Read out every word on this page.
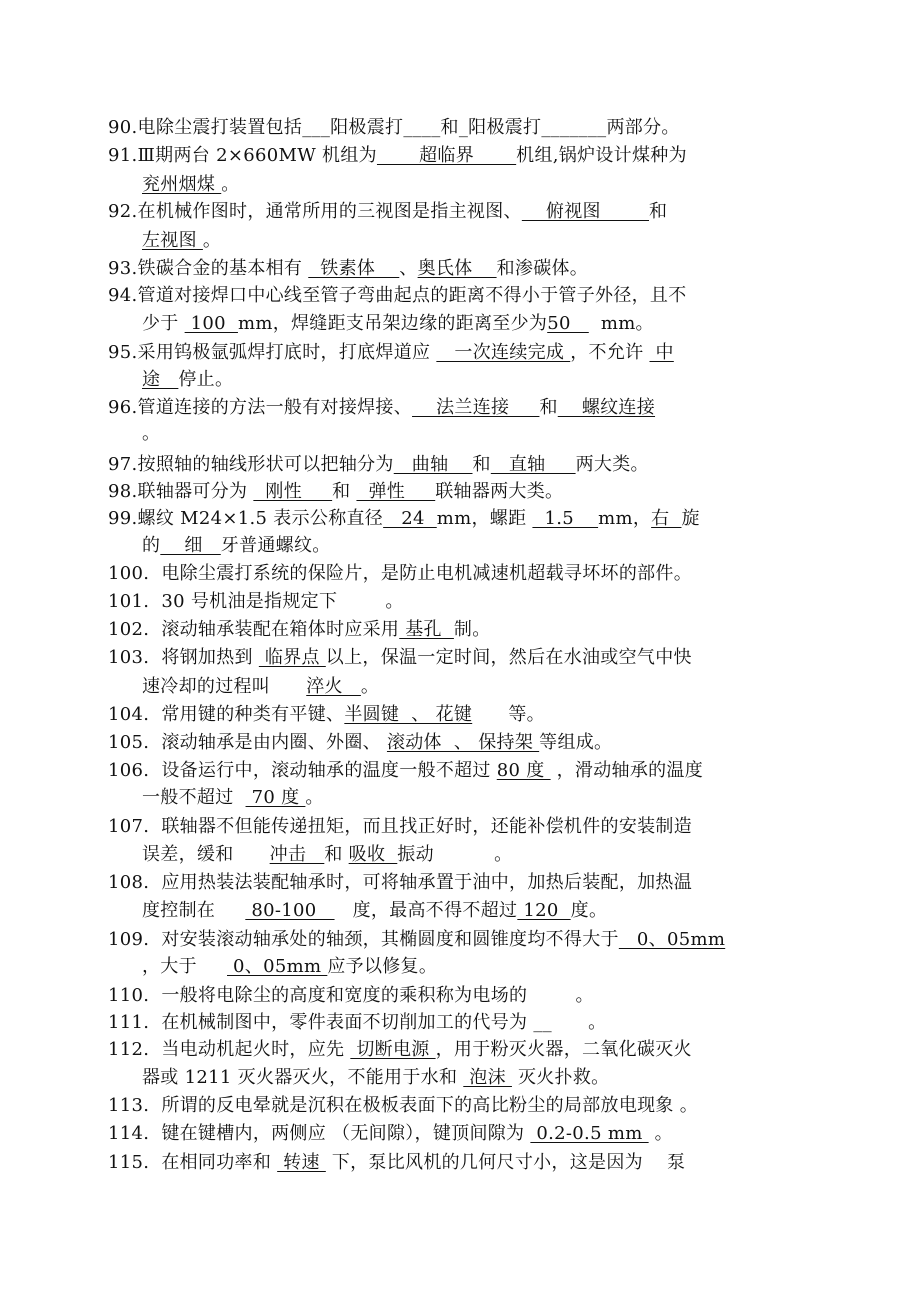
90.电除尘震打装置包括___阳极震打____和_阳极震打_______两部分。
91.Ⅲ期两台 2×660MW 机组为       超临界       机组,锅炉设计煤种为
兖州烟煤 。
92.在机械作图时，通常所用的三视图是指主视图、    俯视图        和
左视图 。
93.铁碳合金的基本相有   铁素体    、奥氏体    和渗碳体。
94.管道对接焊口中心线至管子弯曲起点的距离不得小于管子外径，且不
少于  100  mm，焊缝距支吊架边缘的距离至少为50     mm。
95.采用钨极氩弧焊打底时，打底焊道应    一次连续完成 ，不允许  中
途   停止。
96.管道连接的方法一般有对接焊接、    法兰连接     和    螺纹连接
。
97.按照轴的轴线形状可以把轴分为   曲轴    和   直轴     两大类。
98.联轴器可分为   刚性     和   弹性     联轴器两大类。
99.螺纹 M24×1.5 表示公称直径   24  mm，螺距   1.5    mm，右  旋
的    细   牙普通螺纹。
100.  电除尘震打系统的保险片，是防止电机减速机超载寻坏坏的部件。
101.  30 号机油是指规定下        。
102.  滚动轴承装配在箱体时应采用 基孔  制。
103.  将钢加热到  临界点 以上，保温一定时间，然后在水油或空气中快
速冷却的过程叫      淬火   。
104.  常用键的种类有平键、半圆键  、 花键      等。
105.  滚动轴承是由内圈、外圈、 滚动体  、 保持架 等组成。
106.  设备运行中，滚动轴承的温度一般不超过 80 度  ，滑动轴承的温度
一般不超过   70 度 。
107.  联轴器不但能传递扭矩，而且找正好时，还能补偿机件的安装制造
误差，缓和      冲击   和 吸收  振动          。
108.  应用热装法装配轴承时，可将轴承置于油中，加热后装配，加热温
度控制在      80-100      度，最高不得不超过 120  度。
109.  对安装滚动轴承处的轴颈，其椭圆度和圆锥度均不得大于   0、05mm
，大于      0、05mm 应予以修复。
110.  一般将电除尘的高度和宽度的乘积称为电场的        。
111.  在机械制图中，零件表面不切削加工的代号为 __      。
112.  当电动机起火时，应先  切断电源 ，用于粉灭火器，二氧化碳灭火
器或 1211 灭火器灭火，不能用于水和  泡沫  灭火扑救。
113.  所谓的反电晕就是沉积在极板表面下的高比粉尘的局部放电现象 。
114.  键在键槽内，两侧应 （无间隙），键顶间隙为  0.2-0.5 mm  。
115.  在相同功率和  转速  下，泵比风机的几何尺寸小，这是因为    泵
